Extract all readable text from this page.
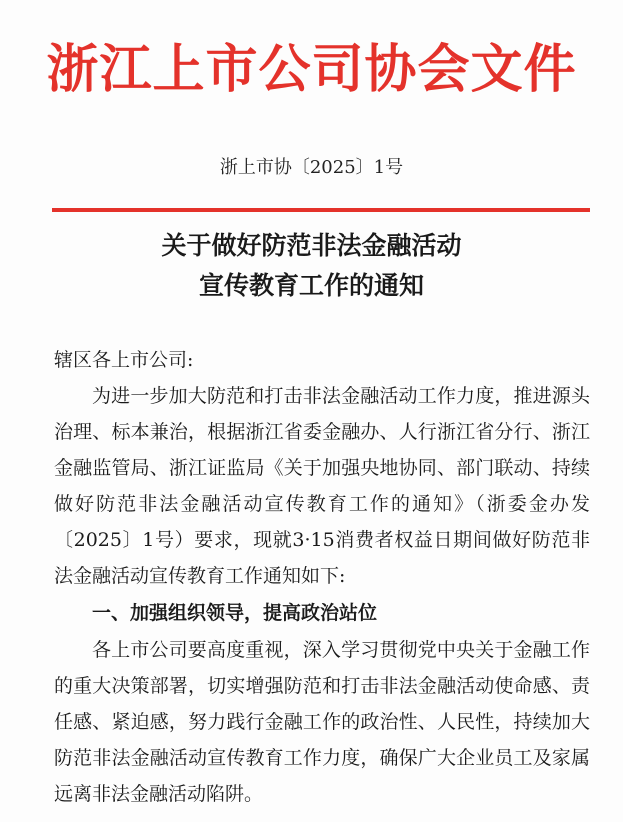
浙江上市公司协会文件
浙上市协〔2025〕1号
关于做好防范非法金融活动
宣传教育工作的通知

辖区各上市公司:

为进一步加大防范和打击非法金融活动工作力度，推进源头治理、标本兼治，根据浙江省委金融办、人行浙江省分行、浙江金融监管局、浙江证监局《关于加强央地协同、部门联动、持续做好防范非法金融活动宣传教育工作的通知》（浙委金办发〔2025〕1号）要求，现就3·15消费者权益日期间做好防范非法金融活动宣传教育工作通知如下:

一、加强组织领导，提高政治站位

各上市公司要高度重视，深入学习贯彻党中央关于金融工作的重大决策部署，切实增强防范和打击非法金融活动使命感、责任感、紧迫感，努力践行金融工作的政治性、人民性，持续加大防范非法金融活动宣传教育工作力度，确保广大企业员工及家属远离非法金融活动陷阱。
